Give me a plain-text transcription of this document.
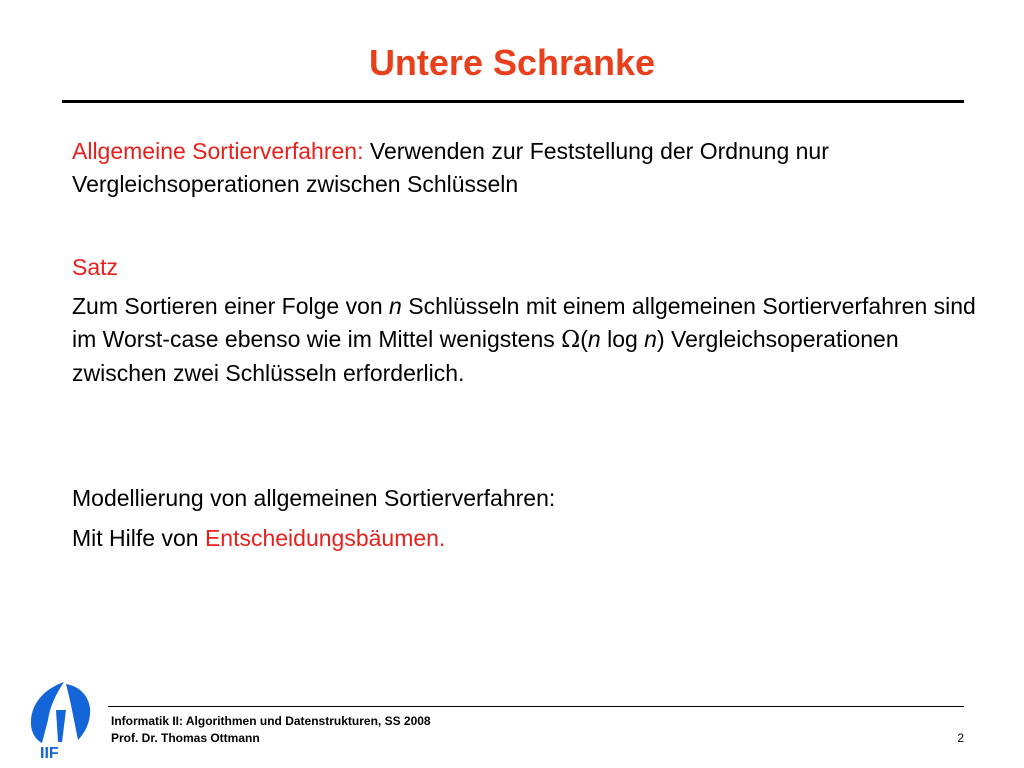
Untere Schranke
Allgemeine Sortierverfahren: Verwenden zur Feststellung der Ordnung nur Vergleichsoperationen zwischen Schlüsseln
Satz
Zum Sortieren einer Folge von n Schlüsseln mit einem allgemeinen Sortierverfahren sind im Worst-case ebenso wie im Mittel wenigstens Ω(n log n) Vergleichsoperationen zwischen zwei Schlüsseln erforderlich.
Modellierung von allgemeinen Sortierverfahren:
Mit Hilfe von Entscheidungsbäumen.
IIF
Informatik II: Algorithmen und Datenstrukturen, SS 2008
Prof. Dr. Thomas Ottmann	2
